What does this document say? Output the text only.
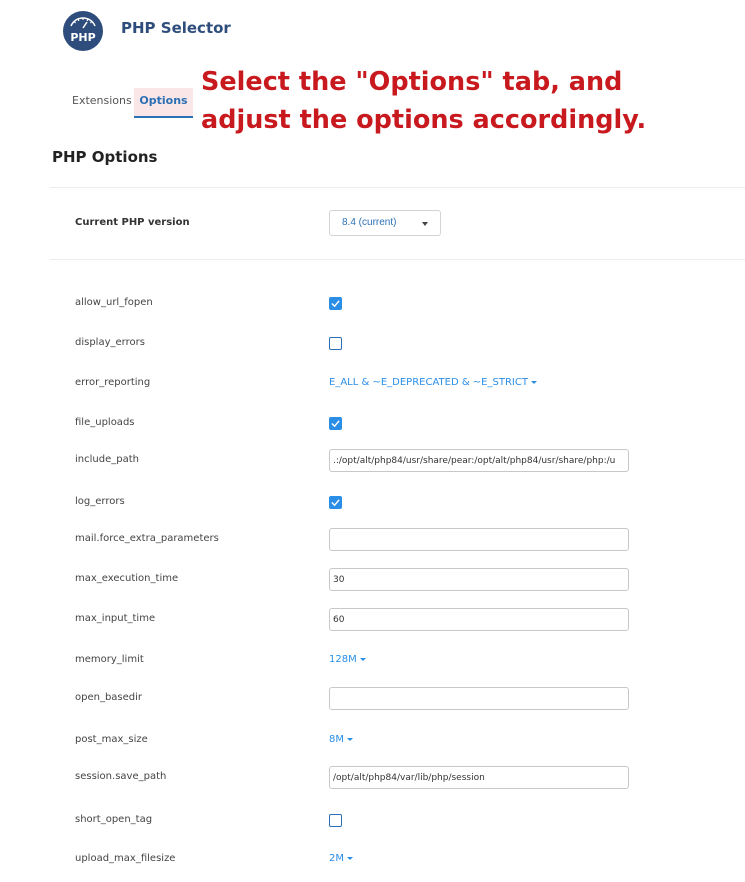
PHP
PHP Selector
Select the "Options" tab, and
adjust the options accordingly.
Extensions Options
PHP Options
Current PHP version	8.4 (current)
allow_url_fopen
display_errors
error_reporting	E_ALL & ~E_DEPRECATED & ~E_STRICT
file_uploads
include_path	.:/opt/alt/php84/usr/share/pear:/opt/alt/php84/usr/share/php:/u
log_errors
mail.force_extra_parameters
max_execution_time	30
max_input_time	60
memory_limit	128M
open_basedir
post_max_size	8M
session.save_path	/opt/alt/php84/var/lib/php/session
short_open_tag
upload_max_filesize	2M
